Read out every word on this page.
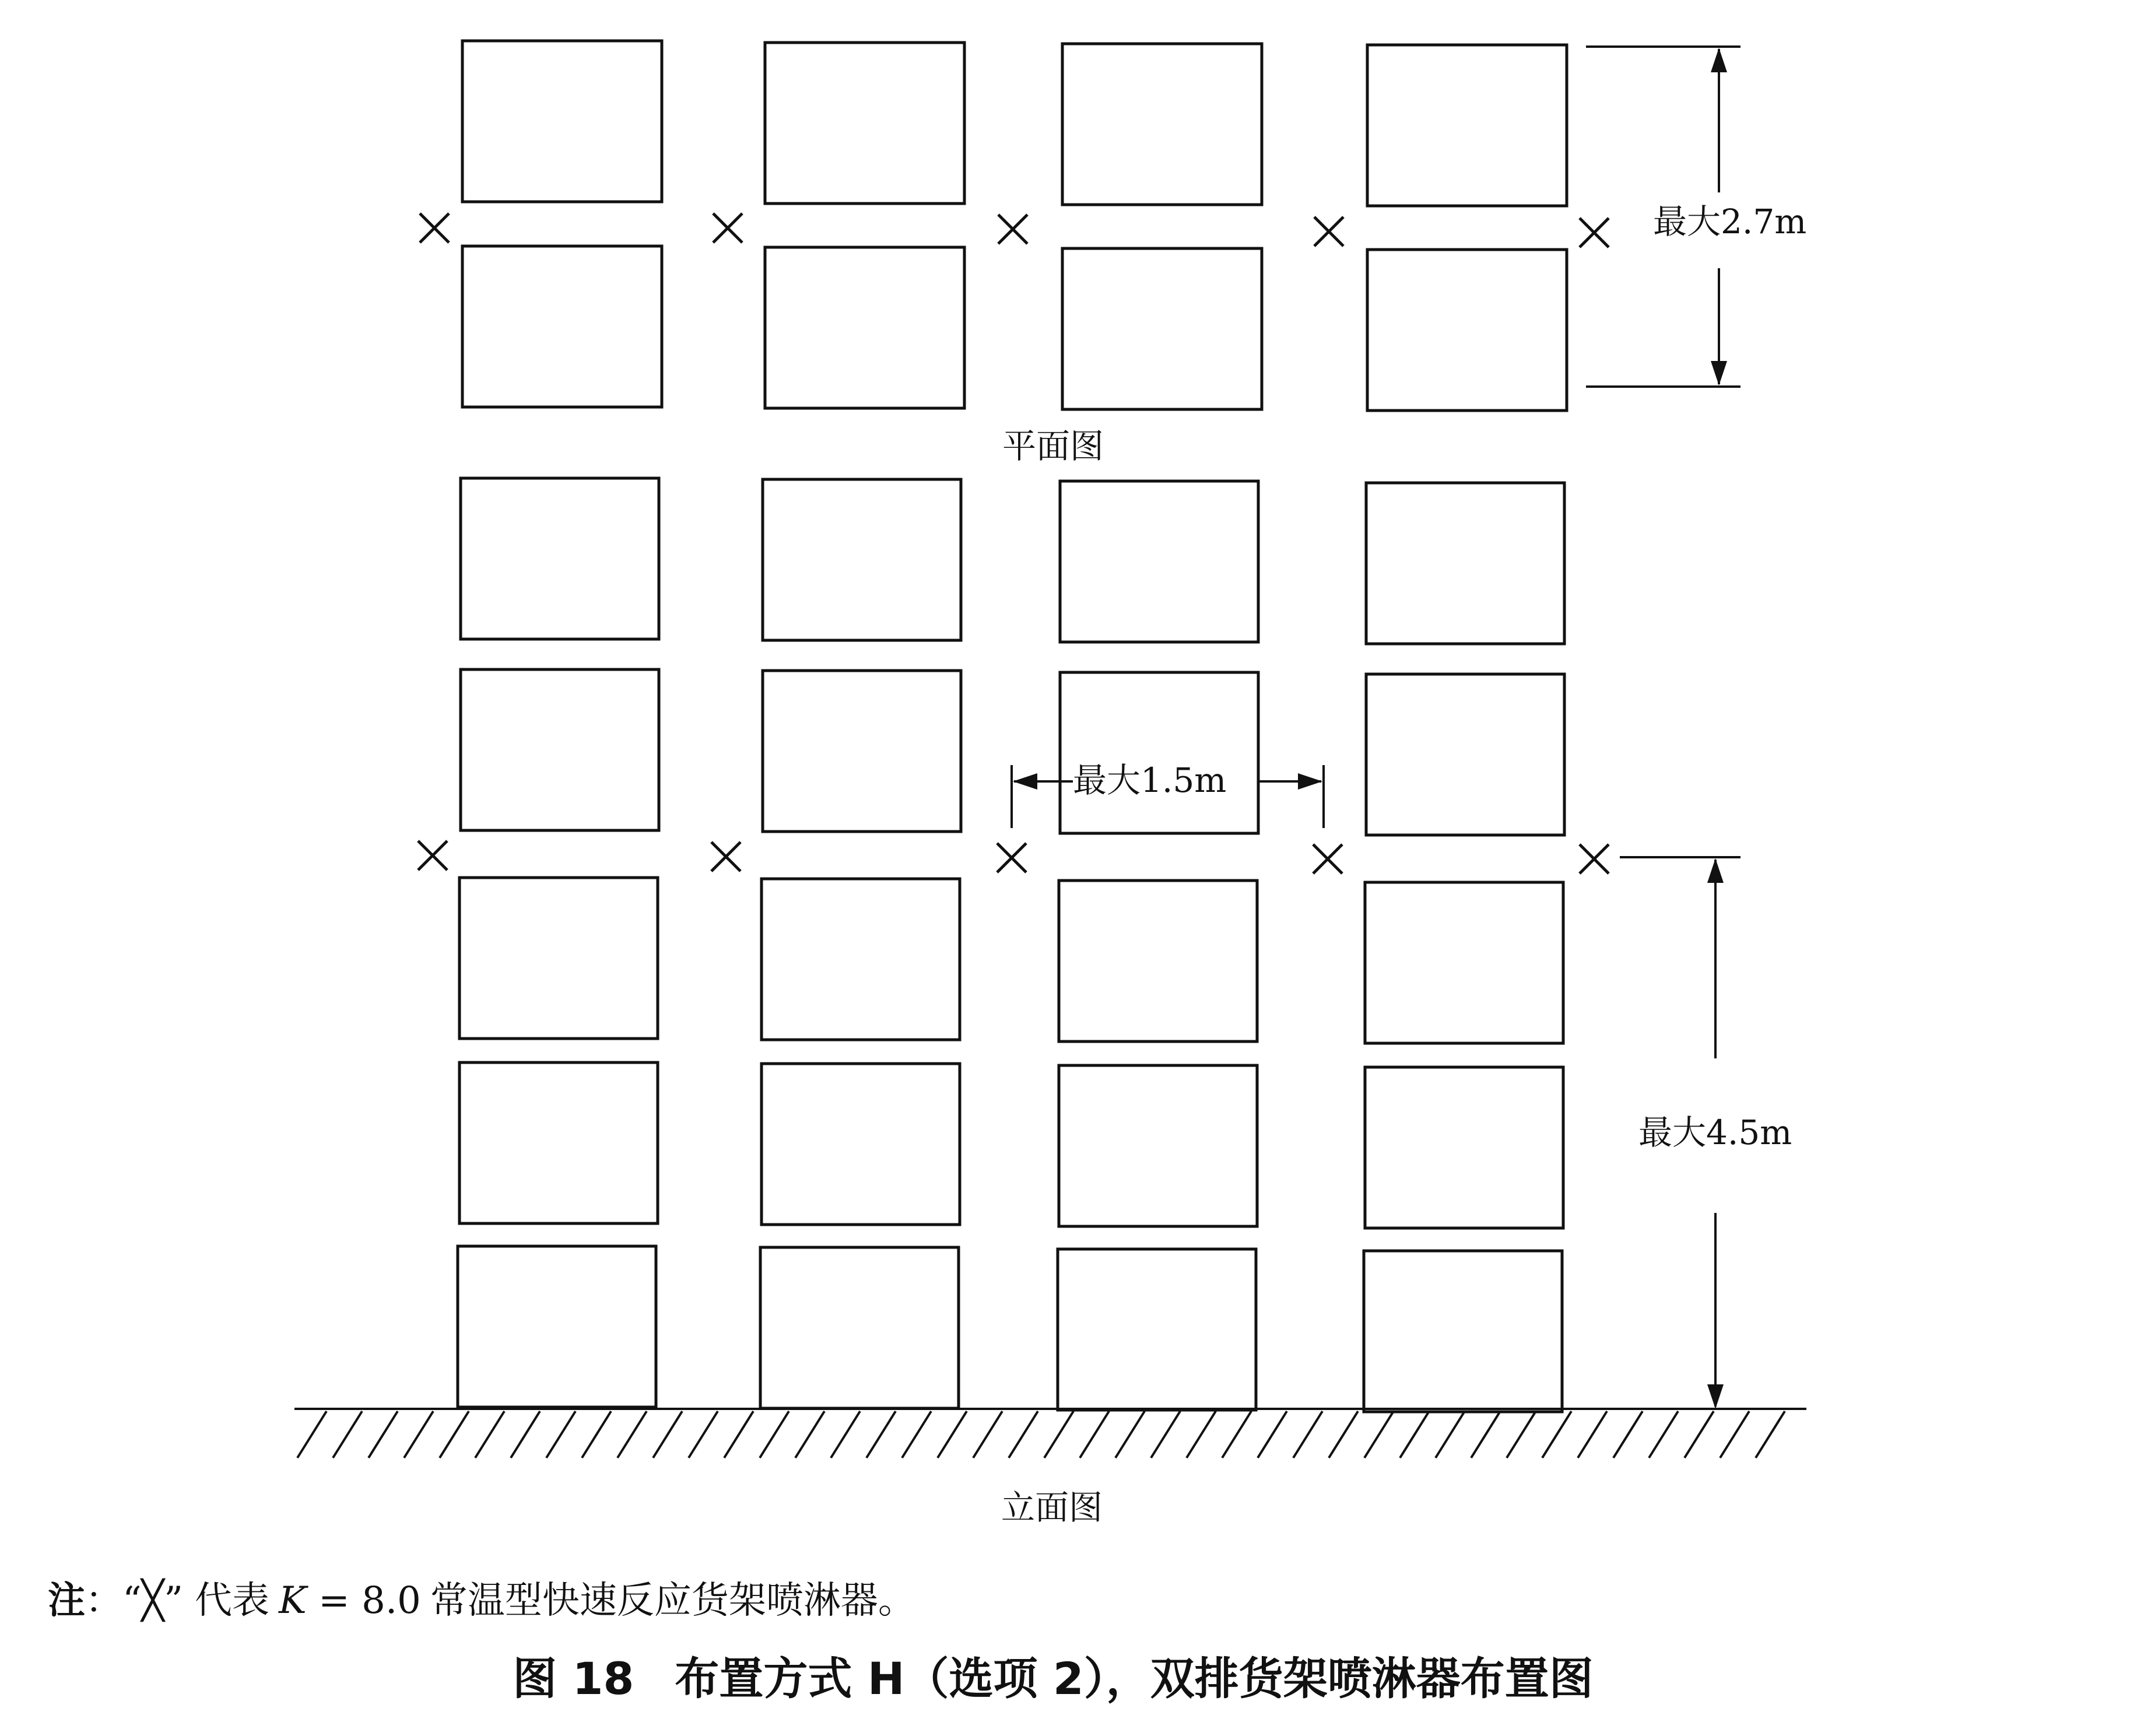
最大2.7m
平面图
最大1.5m
最大4.5m
立面图
注：“╳” 代表 K = 8.0 常温型快速反应货架喷淋器。
图 18 布置方式 H（选项 2），双排货架喷淋器布置图
